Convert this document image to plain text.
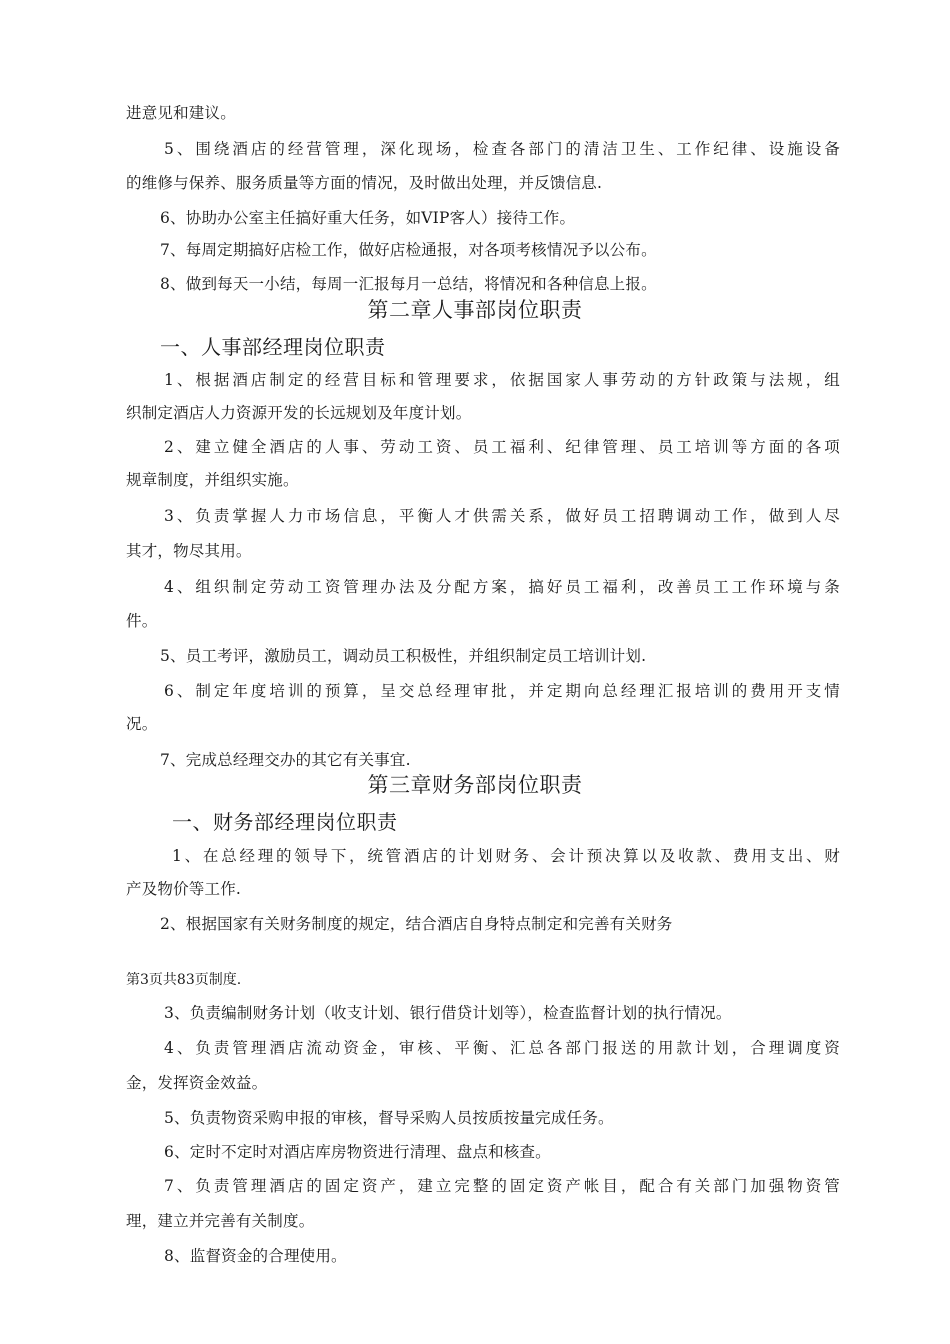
进意见和建议。
5、围绕酒店的经营管理，深化现场，检查各部门的清洁卫生、工作纪律、设施设备
的维修与保养、服务质量等方面的情况，及时做出处理，并反馈信息.
6、协助办公室主任搞好重大任务，如VIP客人）接待工作。
7、每周定期搞好店检工作，做好店检通报，对各项考核情况予以公布。
8、做到每天一小结，每周一汇报每月一总结，将情况和各种信息上报。
第二章人事部岗位职责
一、人事部经理岗位职责
1、根据酒店制定的经营目标和管理要求，依据国家人事劳动的方针政策与法规，组
织制定酒店人力资源开发的长远规划及年度计划。
2、建立健全酒店的人事、劳动工资、员工福利、纪律管理、员工培训等方面的各项
规章制度，并组织实施。
3、负责掌握人力市场信息，平衡人才供需关系，做好员工招聘调动工作，做到人尽
其才，物尽其用。
4、组织制定劳动工资管理办法及分配方案，搞好员工福利，改善员工工作环境与条
件。
5、员工考评，激励员工，调动员工积极性，并组织制定员工培训计划.
6、制定年度培训的预算，呈交总经理审批，并定期向总经理汇报培训的费用开支情
况。
7、完成总经理交办的其它有关事宜.
第三章财务部岗位职责
一、财务部经理岗位职责
1、在总经理的领导下，统管酒店的计划财务、会计预决算以及收款、费用支出、财
产及物价等工作.
2、根据国家有关财务制度的规定，结合酒店自身特点制定和完善有关财务
第3页共83页制度.
3、负责编制财务计划（收支计划、银行借贷计划等），检查监督计划的执行情况。
4、负责管理酒店流动资金，审核、平衡、汇总各部门报送的用款计划，合理调度资
金，发挥资金效益。
5、负责物资采购申报的审核，督导采购人员按质按量完成任务。
6、定时不定时对酒店库房物资进行清理、盘点和核查。
7、负责管理酒店的固定资产，建立完整的固定资产帐目，配合有关部门加强物资管
理，建立并完善有关制度。
8、监督资金的合理使用。
